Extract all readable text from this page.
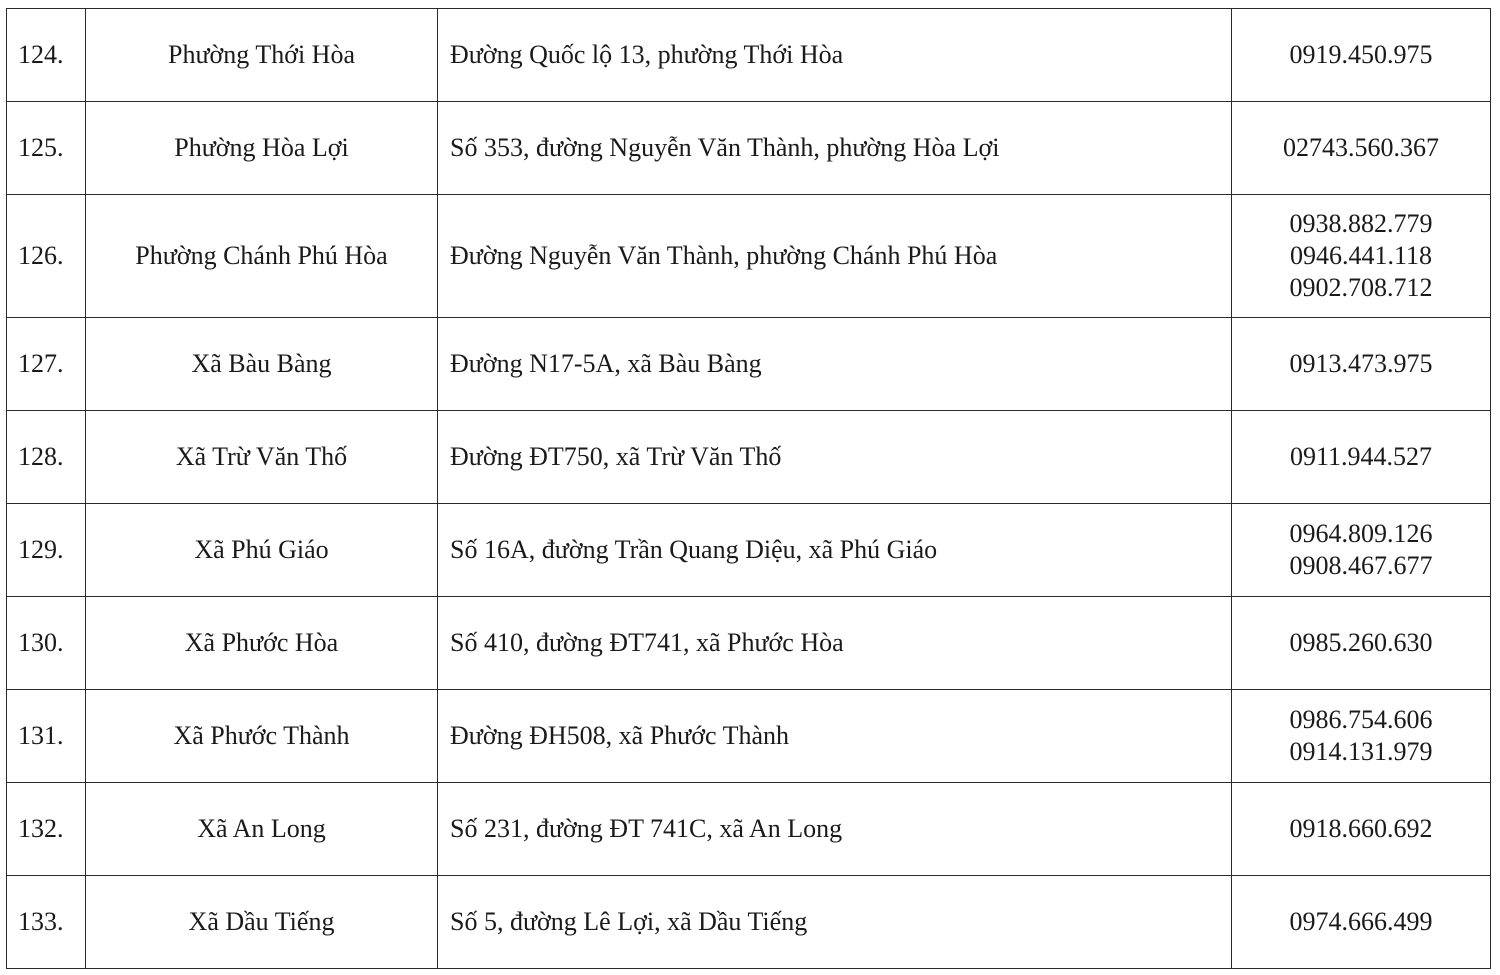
124.	Phường Thới Hòa	Đường Quốc lộ 13, phường Thới Hòa	0919.450.975

125.	Phường Hòa Lợi	Số 353, đường Nguyễn Văn Thành, phường Hòa Lợi	02743.560.367

126.	Phường Chánh Phú Hòa	Đường Nguyễn Văn Thành, phường Chánh Phú Hòa	0938.882.779
0946.441.118
0902.708.712

127.	Xã Bàu Bàng	Đường N17-5A, xã Bàu Bàng	0913.473.975

128.	Xã Trừ Văn Thố	Đường ĐT750, xã Trừ Văn Thố	0911.944.527

129.	Xã Phú Giáo	Số 16A, đường Trần Quang Diệu, xã Phú Giáo	0964.809.126
0908.467.677

130.	Xã Phước Hòa	Số 410, đường ĐT741, xã Phước Hòa	0985.260.630

131.	Xã Phước Thành	Đường ĐH508, xã Phước Thành	0986.754.606
0914.131.979

132.	Xã An Long	Số 231, đường ĐT 741C, xã An Long	0918.660.692

133.	Xã Dầu Tiếng	Số 5, đường Lê Lợi, xã Dầu Tiếng	0974.666.499
